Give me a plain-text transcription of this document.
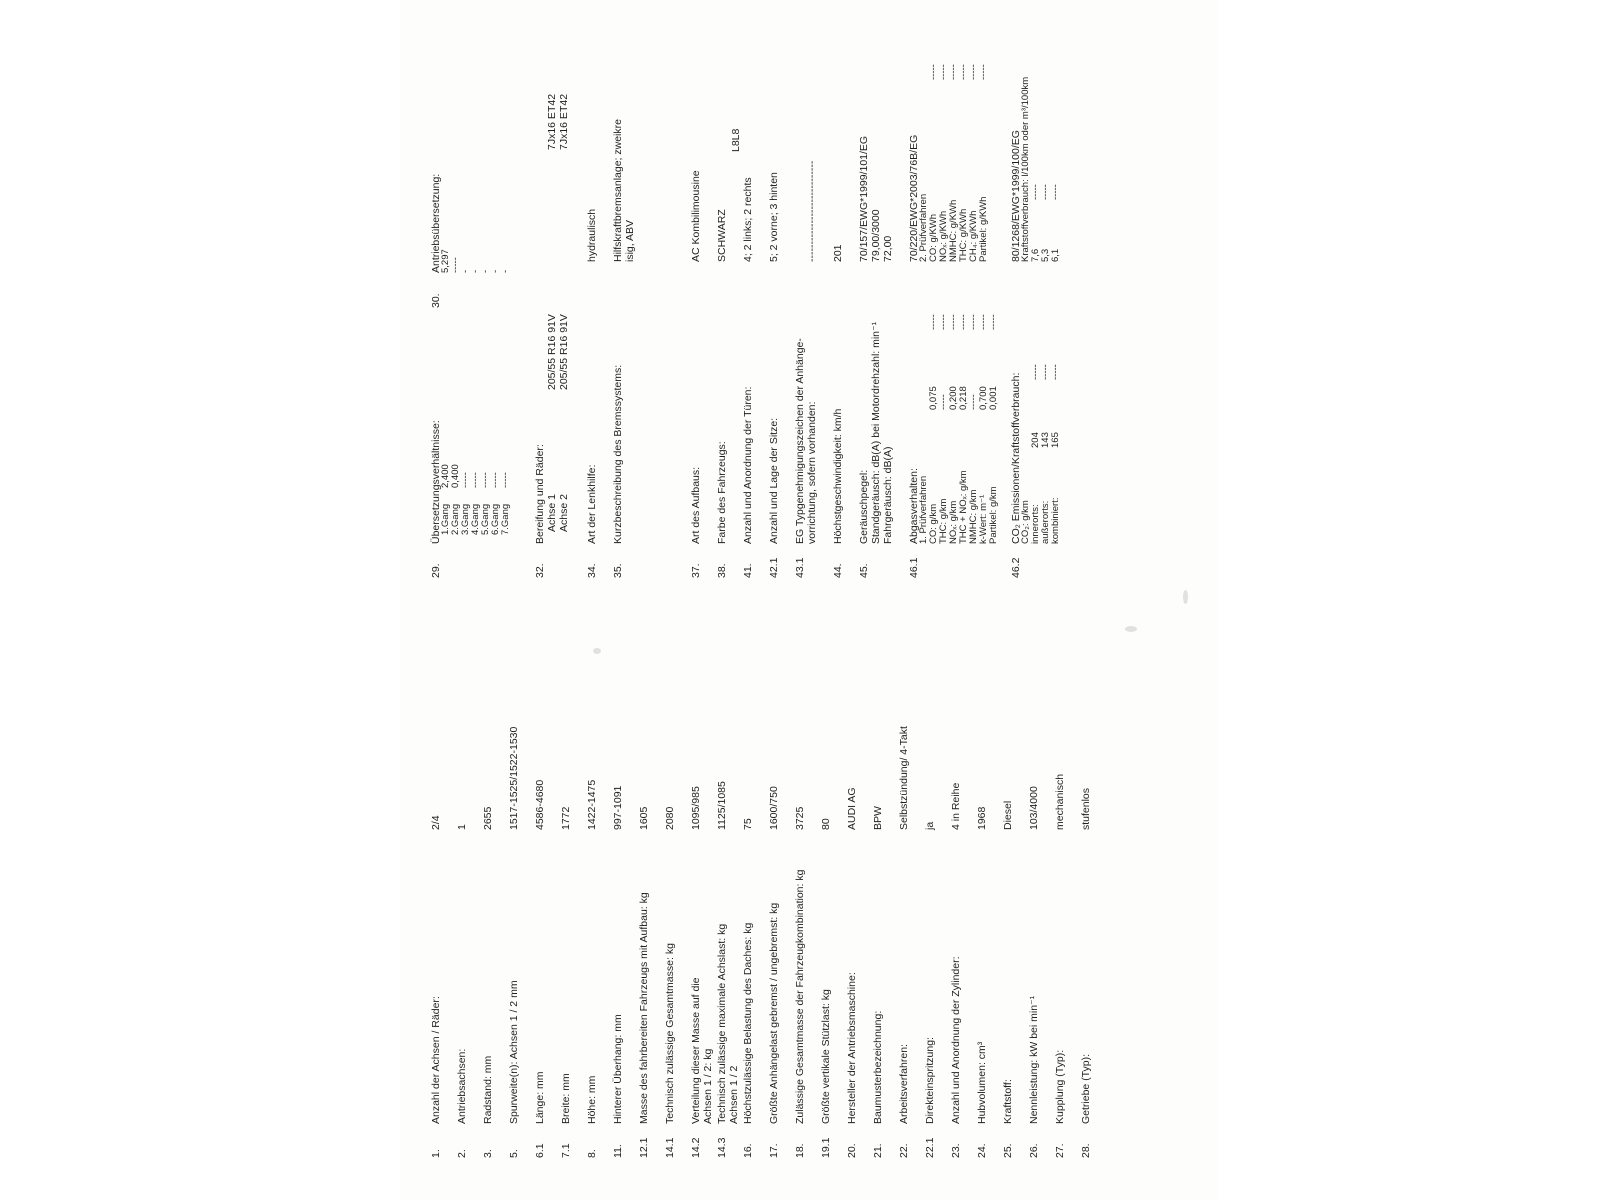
1.
Anzahl der Achsen / Räder:
2/4
2.
Antriebsachsen:
1
3.
Radstand: mm
2655
5.
Spurweite(n): Achsen 1 / 2 mm
1517-1525/1522-1530
6.1
Länge: mm
4586-4680
7.1
Breite: mm
1772
8.
Höhe: mm
1422-1475
11.
Hinterer Überhang: mm
997-1091
12.1
Masse des fahrbereiten Fahrzeugs mit Aufbau: kg
1605
14.1
Technisch zulässige Gesamtmasse: kg
2080
14.2
Verteilung dieser Masse auf die Achsen 1 / 2: kg
1095/985
14.3
Technisch zulässige maximale Achslast: kg Achsen 1 / 2
1125/1085
16.
Höchstzulässige Belastung des Daches: kg
75
17.
Größte Anhängelast gebremst / ungebremst: kg
1600/750
18.
Zulässige Gesamtmasse der Fahrzeugkombination: kg
3725
19.1
Größte vertikale Stützlast: kg
80
20.
Hersteller der Antriebsmaschine:
AUDI AG
21.
Baumusterbezeichnung:
BPW
22.
Arbeitsverfahren:
Selbstzündung/ 4-Takt
22.1
Direkteinspritzung:
ja
23.
Anzahl und Anordnung der Zylinder:
4 in Reihe
24.
Hubvolumen: cm³
1968
25.
Kraftstoff:
Diesel
26.
Nennleistung: kW bei min⁻¹
103/4000
27.
Kupplung (Typ):
mechanisch
28.
Getriebe (Typ):
stufenlos
29.
Übersetzungsverhältnisse:
1.Gang
2,400
2.Gang
0,400
3.Gang
-----
4.Gang
-----
5.Gang
-----
6.Gang
-----
7.Gang
-----
30.
Antriebsübersetzung:
5,297 ----- - - - - -
32.
Bereifung und Räder: Achse 1
205/55 R16 91V
7Jx16 ET42
Achse 2
205/55 R16 91V
7Jx16 ET42
34.
Art der Lenkhilfe:
hydraulisch
35.
Kurzbeschreibung des Bremssystems:
Hilfskraftbremsanlage; zweikre isig, ABV
37.
Art des Aufbaus:
AC Kombilimousine
38.
Farbe des Fahrzeugs:
SCHWARZ
L8L8
41.
Anzahl und Anordnung der Türen:
4; 2 links; 2 rechts
42.1
Anzahl und Lage der Sitze:
5; 2 vorne; 3 hinten
43.1
EG Typgenehmigungszeichen der Anhänge- vorrichtung, sofern vorhanden:
-----------------------------
44.
Höchstgeschwindigkeit: km/h
201
45.
Geräuschpegel:
70/157/EWG*1999/101/EG
Standgeräusch: dB(A) bei Motordrehzahl: min⁻¹
79,00/3000
Fahrgeräusch: dB(A)
72,00
46.1
Abgasverhalten:
70/220/EWG*2003/76B/EG
1. Prüfverfahren
2. Prüfverfahren
CO: g/km
0,075
-----
THC: g/km
-----
-----
NOₓ: g/km
0,200
-----
THC + NOₓ: g/km
0,218
-----
NMHC: g/km
-----
-----
k-Wert: m⁻¹
0,700
-----
Partikel: g/km
0,001
-----
CO: g/KWh
-----
NOₓ: g/KWh
-----
NMHC: g/KWh
-----
THC: g/KWh
-----
CH₄: g/KWh
-----
Partikel: g/KWh
-----
46.2
CO₂ Emissionen/Kraftstoffverbrauch:
80/1268/EWG*1999/100/EG
CO₂: g/km
Kraftstoffverbrauch: l/100km oder m³/100km
innerorts:
204
-----
7,6
-----
außerorts:
143
-----
5,3
-----
kombiniert:
165
-----
6,1
-----
